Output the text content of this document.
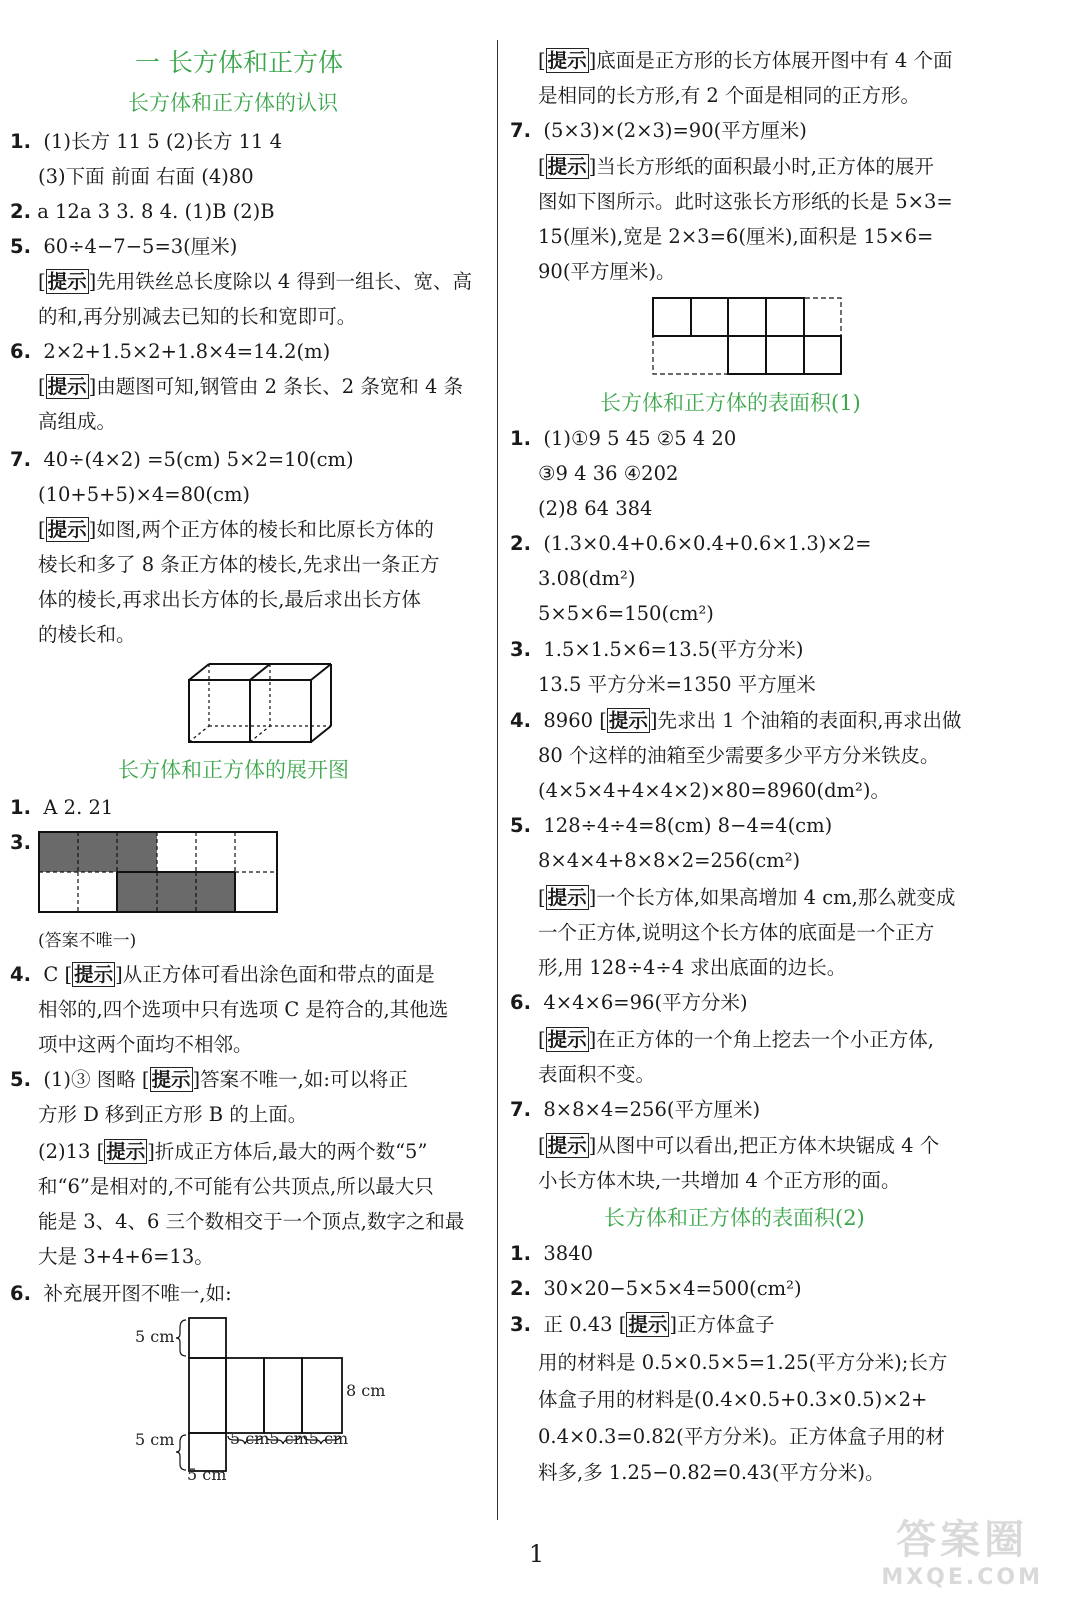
一 长方体和正方体
长方体和正方体的认识
1. (1)长方 11 5 (2)长方 11 4
(3)下面 前面 右面 (4)80
2. a 12a 3 3. 8 4. (1)B (2)B
5. 60÷4−7−5=3(厘米)
[ 提示 ]先用铁丝总长度除以 4 得到一组长、宽、高
的和,再分别减去已知的长和宽即可。
6. 2×2+1.5×2+1.8×4=14.2(m)
[ 提示 ]由题图可知,钢管由 2 条长、2 条宽和 4 条
高组成。
7. 40÷(4×2) =5(cm) 5×2=10(cm)
(10+5+5)×4=80(cm)
[ 提示 ]如图,两个正方体的棱长和比原长方体的
棱长和多了 8 条正方体的棱长,先求出一条正方
体的棱长,再求出长方体的长,最后求出长方体
的棱长和。
长方体和正方体的展开图
1. A 2. 21
3.
(答案不唯一)
4. C [ 提示 ]从正方体可看出涂色面和带点的面是
相邻的,四个选项中只有选项 C 是符合的,其他选
项中这两个面均不相邻。
5. (1)③ 图略 [ 提示 ]答案不唯一,如:可以将正
方形 D 移到正方形 B 的上面。
(2)13 [ 提示 ]折成正方体后,最大的两个数“5”
和“6”是相对的,不可能有公共顶点,所以最大只
能是 3、4、6 三个数相交于一个顶点,数字之和最
大是 3+4+6=13。
6. 补充展开图不唯一,如:
5 cm
8 cm
5 cm	5 cm5 cm5 cm
5 cm
[ 提示 ]底面是正方形的长方体展开图中有 4 个面
是相同的长方形,有 2 个面是相同的正方形。
7. (5×3)×(2×3)=90(平方厘米)
[ 提示 ]当长方形纸的面积最小时,正方体的展开
图如下图所示。此时这张长方形纸的长是 5×3=
15(厘米),宽是 2×3=6(厘米),面积是 15×6=
90(平方厘米)。
长方体和正方体的表面积(1)
1. (1)①9 5 45 ②5 4 20
③9 4 36 ④202
(2)8 64 384
2. (1.3×0.4+0.6×0.4+0.6×1.3)×2=
3.08(dm²)
5×5×6=150(cm²)
3. 1.5×1.5×6=13.5(平方分米)
13.5 平方分米=1350 平方厘米
4. 8960 [ 提示 ]先求出 1 个油箱的表面积,再求出做
80 个这样的油箱至少需要多少平方分米铁皮。
(4×5×4+4×4×2)×80=8960(dm²)。
5. 128÷4÷4=8(cm) 8−4=4(cm)
8×4×4+8×8×2=256(cm²)
[ 提示 ]一个长方体,如果高增加 4 cm,那么就变成
一个正方体,说明这个长方体的底面是一个正方
形,用 128÷4÷4 求出底面的边长。
6. 4×4×6=96(平方分米)
[ 提示 ]在正方体的一个角上挖去一个小正方体,
表面积不变。
7. 8×8×4=256(平方厘米)
[ 提示 ]从图中可以看出,把正方体木块锯成 4 个
小长方体木块,一共增加 4 个正方形的面。
长方体和正方体的表面积(2)
1. 3840
2. 30×20−5×5×4=500(cm²)
3. 正 0.43 [ 提示 ]正方体盒子
用的材料是 0.5×0.5×5=1.25(平方分米);长方
体盒子用的材料是(0.4×0.5+0.3×0.5)×2+
0.4×0.3=0.82(平方分米)。正方体盒子用的材
料多,多 1.25−0.82=0.43(平方分米)。
1	答案圈
MXQE.COM
